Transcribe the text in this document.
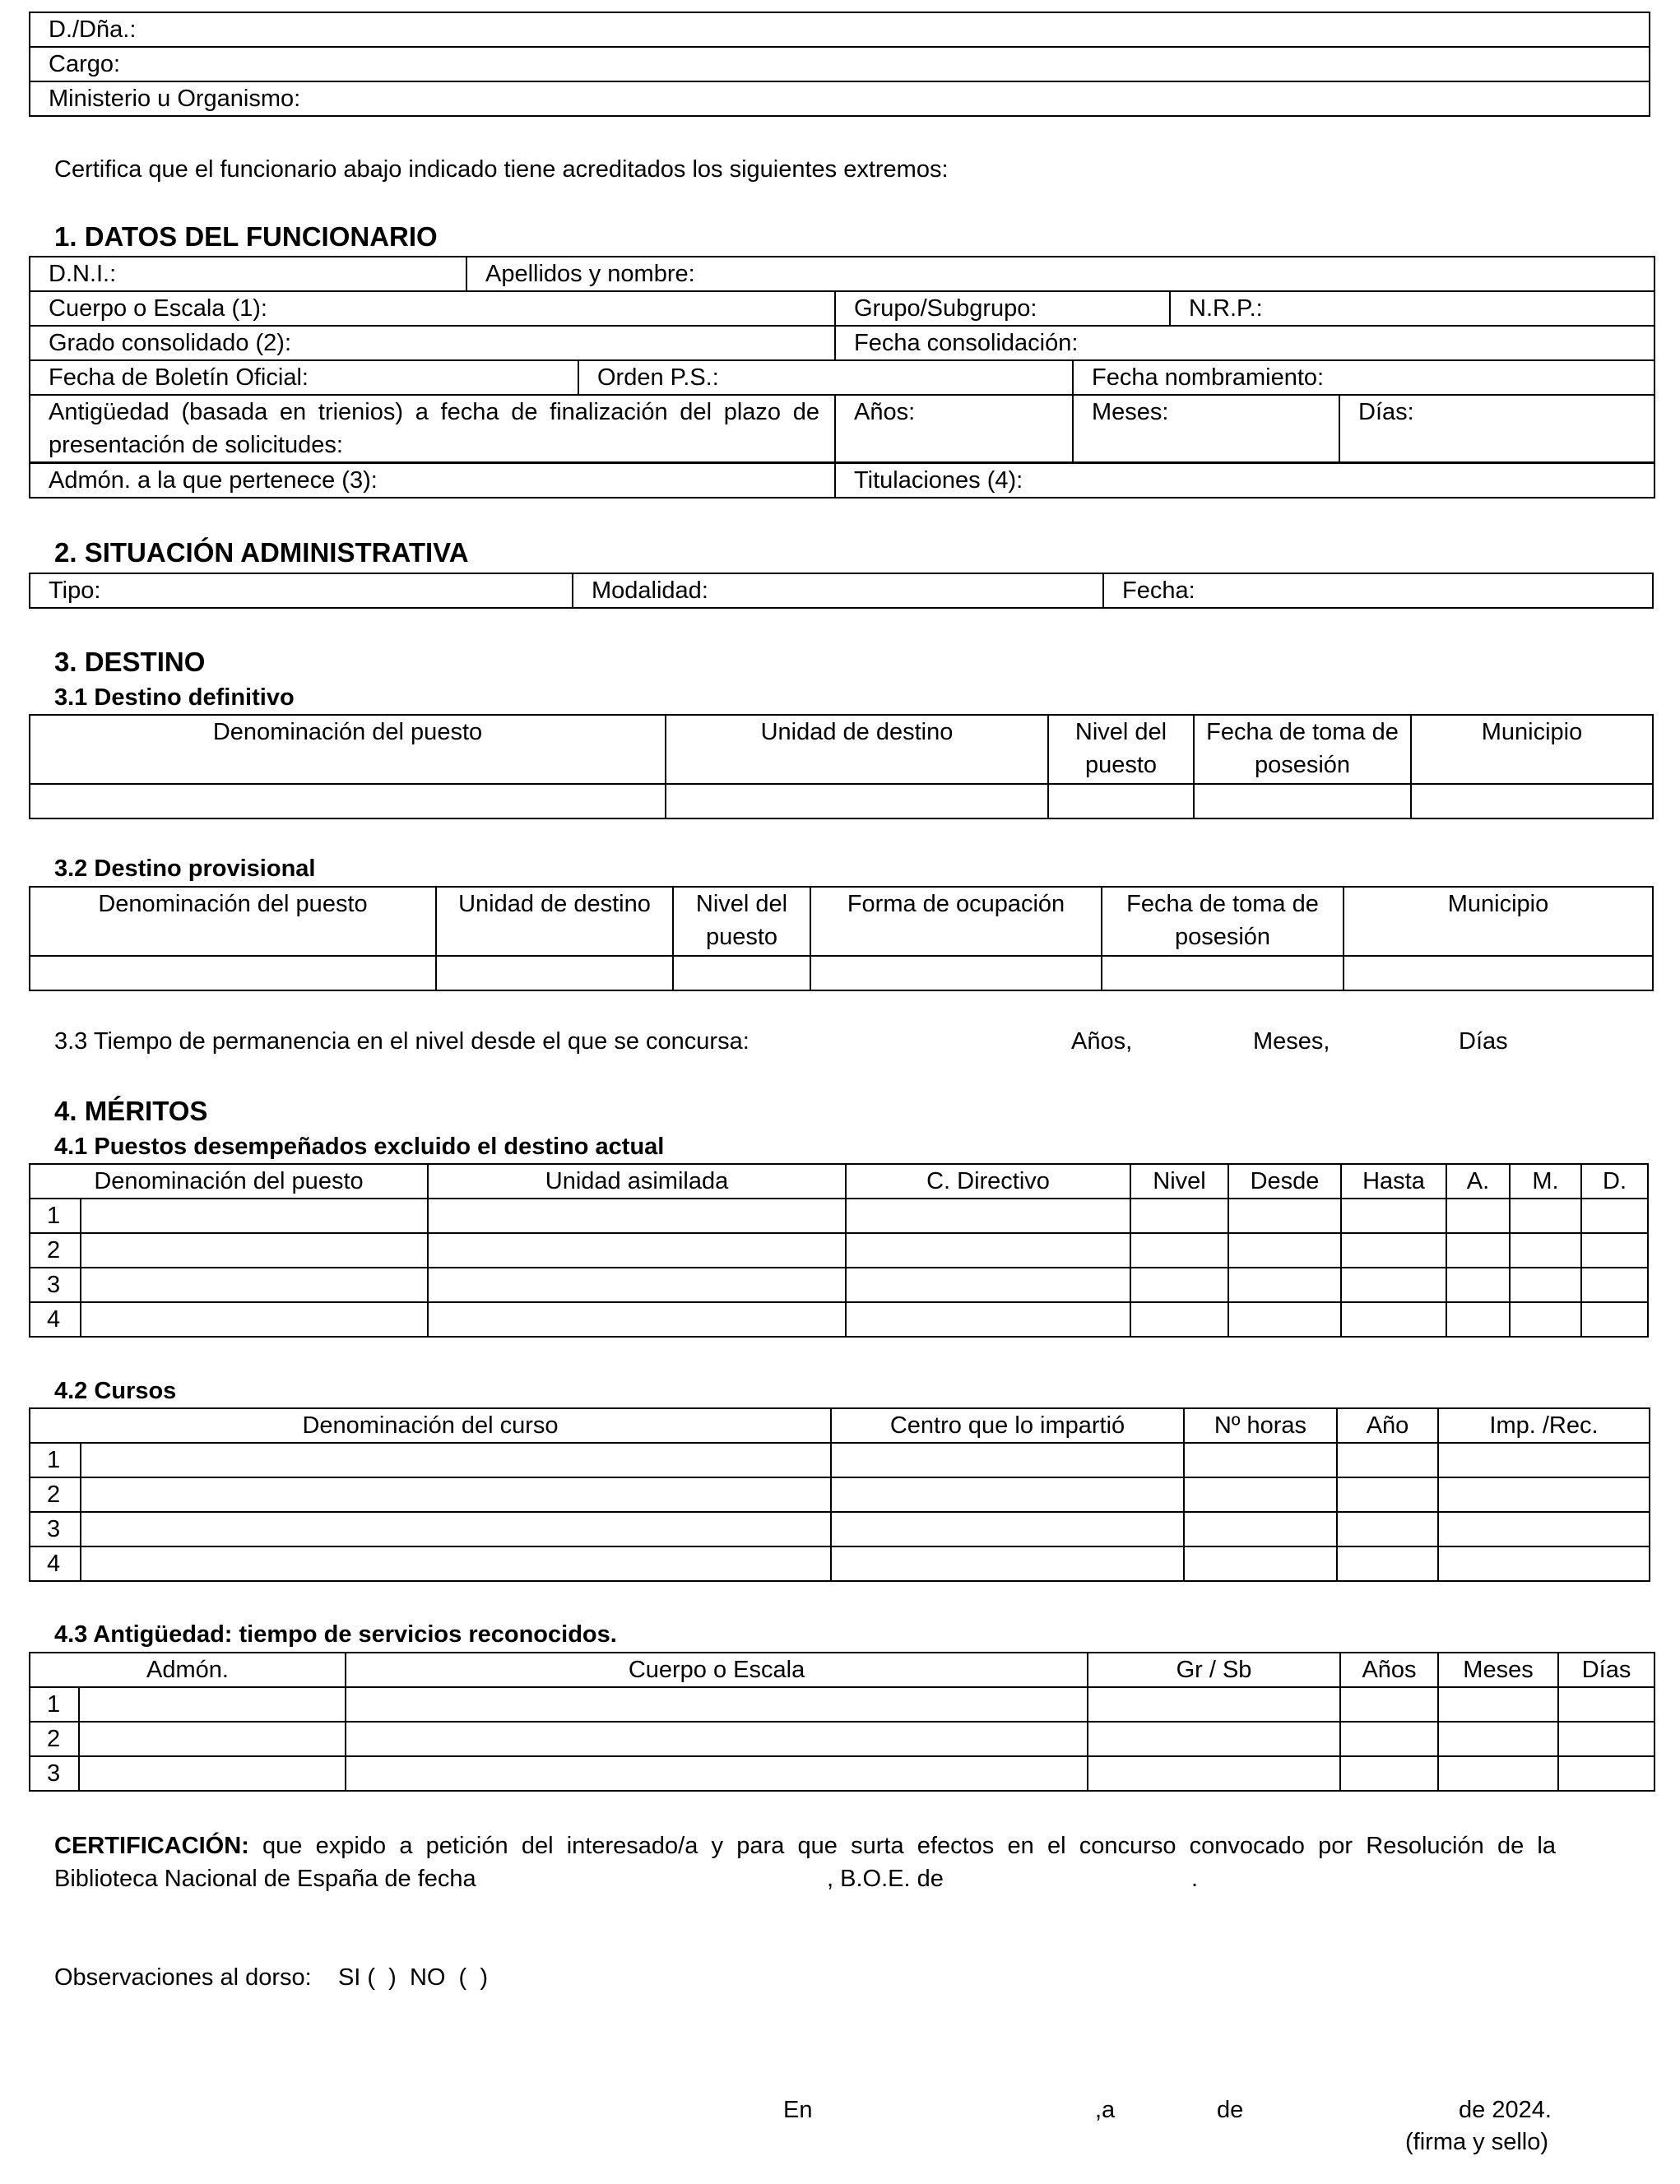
D./Dña.:
Cargo:
Ministerio u Organismo:
Certifica que el funcionario abajo indicado tiene acreditados los siguientes extremos:
1. DATOS DEL FUNCIONARIO
D.N.I.:	Apellidos y nombre:
Cuerpo o Escala (1):	Grupo/Subgrupo:	N.R.P.:
Grado consolidado (2):	Fecha consolidación:
Fecha de Boletín Oficial:	Orden P.S.:	Fecha nombramiento:
Antigüedad (basada en trienios) a fecha de finalización del plazo de presentación de solicitudes:	Años:	Meses:	Días:
Admón. a la que pertenece (3):	Titulaciones (4):
2. SITUACIÓN ADMINISTRATIVA
Tipo:	Modalidad:	Fecha:
3. DESTINO
3.1 Destino definitivo
Denominación del puesto	Unidad de destino	Nivel del puesto	Fecha de toma de posesión	Municipio

3.2 Destino provisional
Denominación del puesto	Unidad de destino	Nivel del puesto	Forma de ocupación	Fecha de toma de posesión	Municipio

3.3 Tiempo de permanencia en el nivel desde el que se concursa:	Años,	Meses,	Días
4. MÉRITOS
4.1 Puestos desempeñados excluido el destino actual
Denominación del puesto		Unidad asimilada	C. Directivo	Nivel	Desde	Hasta	A.	M.	D.
1									
2									
3									
4									
4.2 Cursos
Denominación del curso		Centro que lo impartió	Nº horas	Año	Imp. /Rec.
1					
2					
3					
4					
4.3 Antigüedad: tiempo de servicios reconocidos.
Admón.		Cuerpo o Escala	Gr / Sb	Años	Meses	Días
1						
2						
3						
CERTIFICACIÓN: que expido a petición del interesado/a y para que surta efectos en el concurso convocado por Resolución de la
Biblioteca Nacional de España de fecha	, B.O.E. de	.
Observaciones al dorso:    SI (  )  NO  (  )
En	,a	de	de 2024.
(firma y sello)
